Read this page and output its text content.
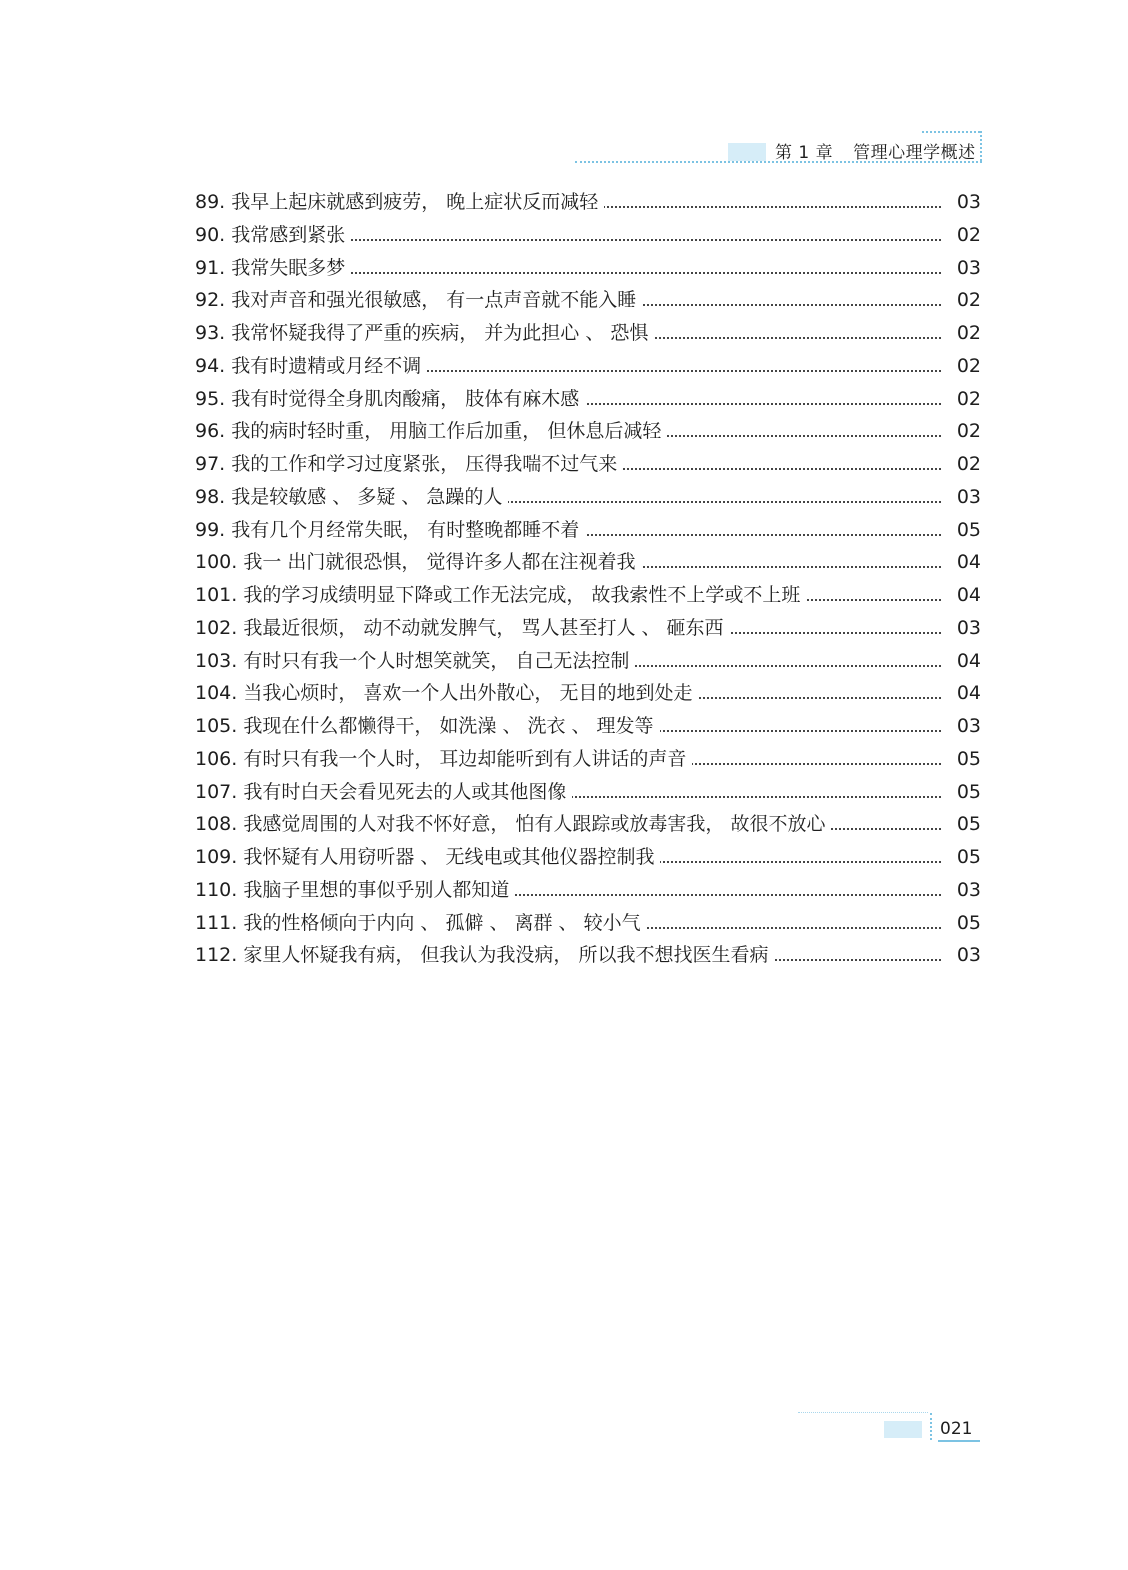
第 1 章 管理心理学概述
89. 我早上起床就感到疲劳， 晚上症状反而减轻	03
90. 我常感到紧张	02
91. 我常失眠多梦	03
92. 我对声音和强光很敏感， 有一点声音就不能入睡	02
93. 我常怀疑我得了严重的疾病， 并为此担心 、 恐惧	02
94. 我有时遗精或月经不调	02
95. 我有时觉得全身肌肉酸痛， 肢体有麻木感	02
96. 我的病时轻时重， 用脑工作后加重， 但休息后减轻	02
97. 我的工作和学习过度紧张， 压得我喘不过气来	02
98. 我是较敏感 、 多疑 、 急躁的人	03
99. 我有几个月经常失眠， 有时整晚都睡不着	05
100. 我一 出门就很恐惧， 觉得许多人都在注视着我	04
101. 我的学习成绩明显下降或工作无法完成， 故我索性不上学或不上班	04
102. 我最近很烦， 动不动就发脾气， 骂人甚至打人 、 砸东西	03
103. 有时只有我一个人时想笑就笑， 自己无法控制	04
104. 当我心烦时， 喜欢一个人出外散心， 无目的地到处走	04
105. 我现在什么都懒得干， 如洗澡 、 洗衣 、 理发等	03
106. 有时只有我一个人时， 耳边却能听到有人讲话的声音	05
107. 我有时白天会看见死去的人或其他图像	05
108. 我感觉周围的人对我不怀好意， 怕有人跟踪或放毒害我， 故很不放心	05
109. 我怀疑有人用窃听器 、 无线电或其他仪器控制我	05
110. 我脑子里想的事似乎别人都知道	03
111. 我的性格倾向于内向 、 孤僻 、 离群 、 较小气	05
112. 家里人怀疑我有病， 但我认为我没病， 所以我不想找医生看病	03
021
